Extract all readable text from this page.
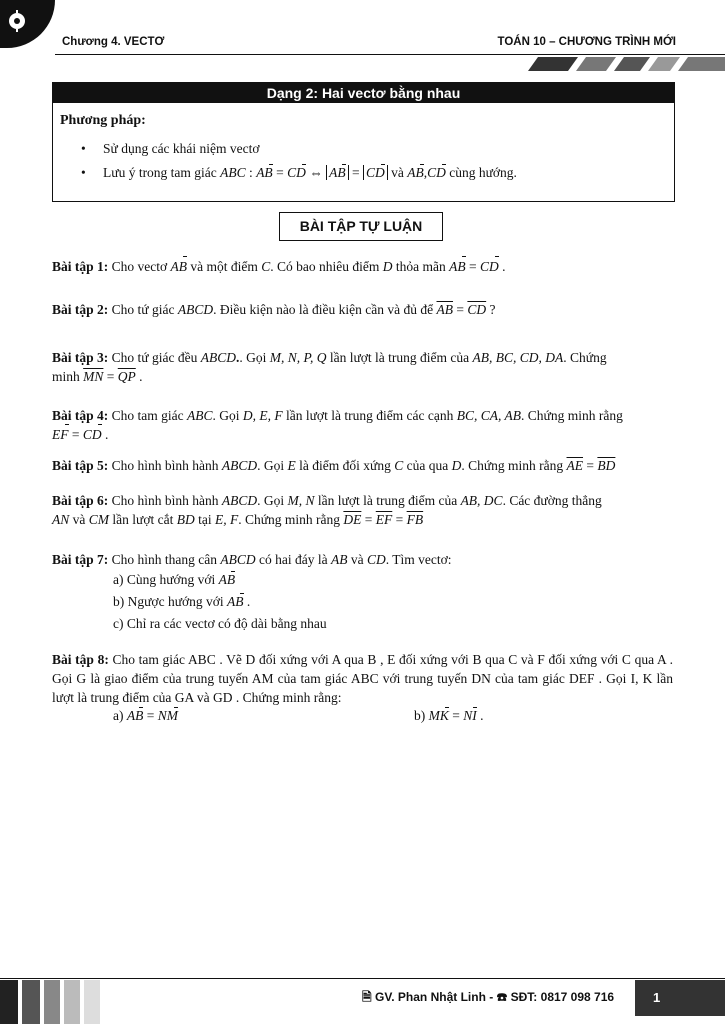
Chương 4. VECTƠ	TOÁN 10 – CHƯƠNG TRÌNH MỚI
Dạng 2: Hai vectơ bằng nhau
Phương pháp:
• Sử dụng các khái niệm vectơ
• Lưu ý trong tam giác ABC : AB = CD ⇔ AB = CD và AB,CD cùng hướng.
BÀI TẬP TỰ LUẬN
Bài tập 1: Cho vectơ AB và một điểm C. Có bao nhiêu điểm D thỏa mãn AB = CD .
Bài tập 2: Cho tứ giác ABCD. Điều kiện nào là điều kiện cần và đủ để $\overline{AB} = \overline{CD}$ ?
Bài tập 3: Cho tứ giác đều ABCD.. Gọi M, N, P, Q lần lượt là trung điểm của AB, BC, CD, DA. Chứng
minh $\overline{MN} = \overline{QP}$ .
Bài tập 4: Cho tam giác ABC. Gọi D, E, F lần lượt là trung điểm các cạnh BC, CA, AB. Chứng minh rằng
EF = CD .
Bài tập 5: Cho hình bình hành ABCD. Gọi E là điểm đối xứng C của qua D. Chứng minh rằng $\overline{AE} = \overline{BD}$
Bài tập 6: Cho hình bình hành ABCD. Gọi M, N lần lượt là trung điểm của AB, DC. Các đường thẳng
AN và CM lần lượt cắt BD tại E, F. Chứng minh rằng $\overline{DE} = \overline{EF} = \overline{FB}$
Bài tập 7: Cho hình thang cân ABCD có hai đáy là AB và CD. Tìm vectơ:
a) Cùng hướng với AB
b) Ngược hướng với AB .
c) Chỉ ra các vectơ có độ dài bằng nhau
Bài tập 8: Cho tam giác ABC . Vẽ D đối xứng với A qua B , E đối xứng với B qua C và F đối xứng với C qua A . Gọi G là giao điểm của trung tuyến AM của tam giác ABC với trung tuyến DN của tam giác DEF . Gọi I, K lần lượt là trung điểm của GA và GD . Chứng minh rằng:
a) AB = NM	b) MK = NI .
🗎 GV. Phan Nhật Linh - ☎ SĐT: 0817 098 716	1
